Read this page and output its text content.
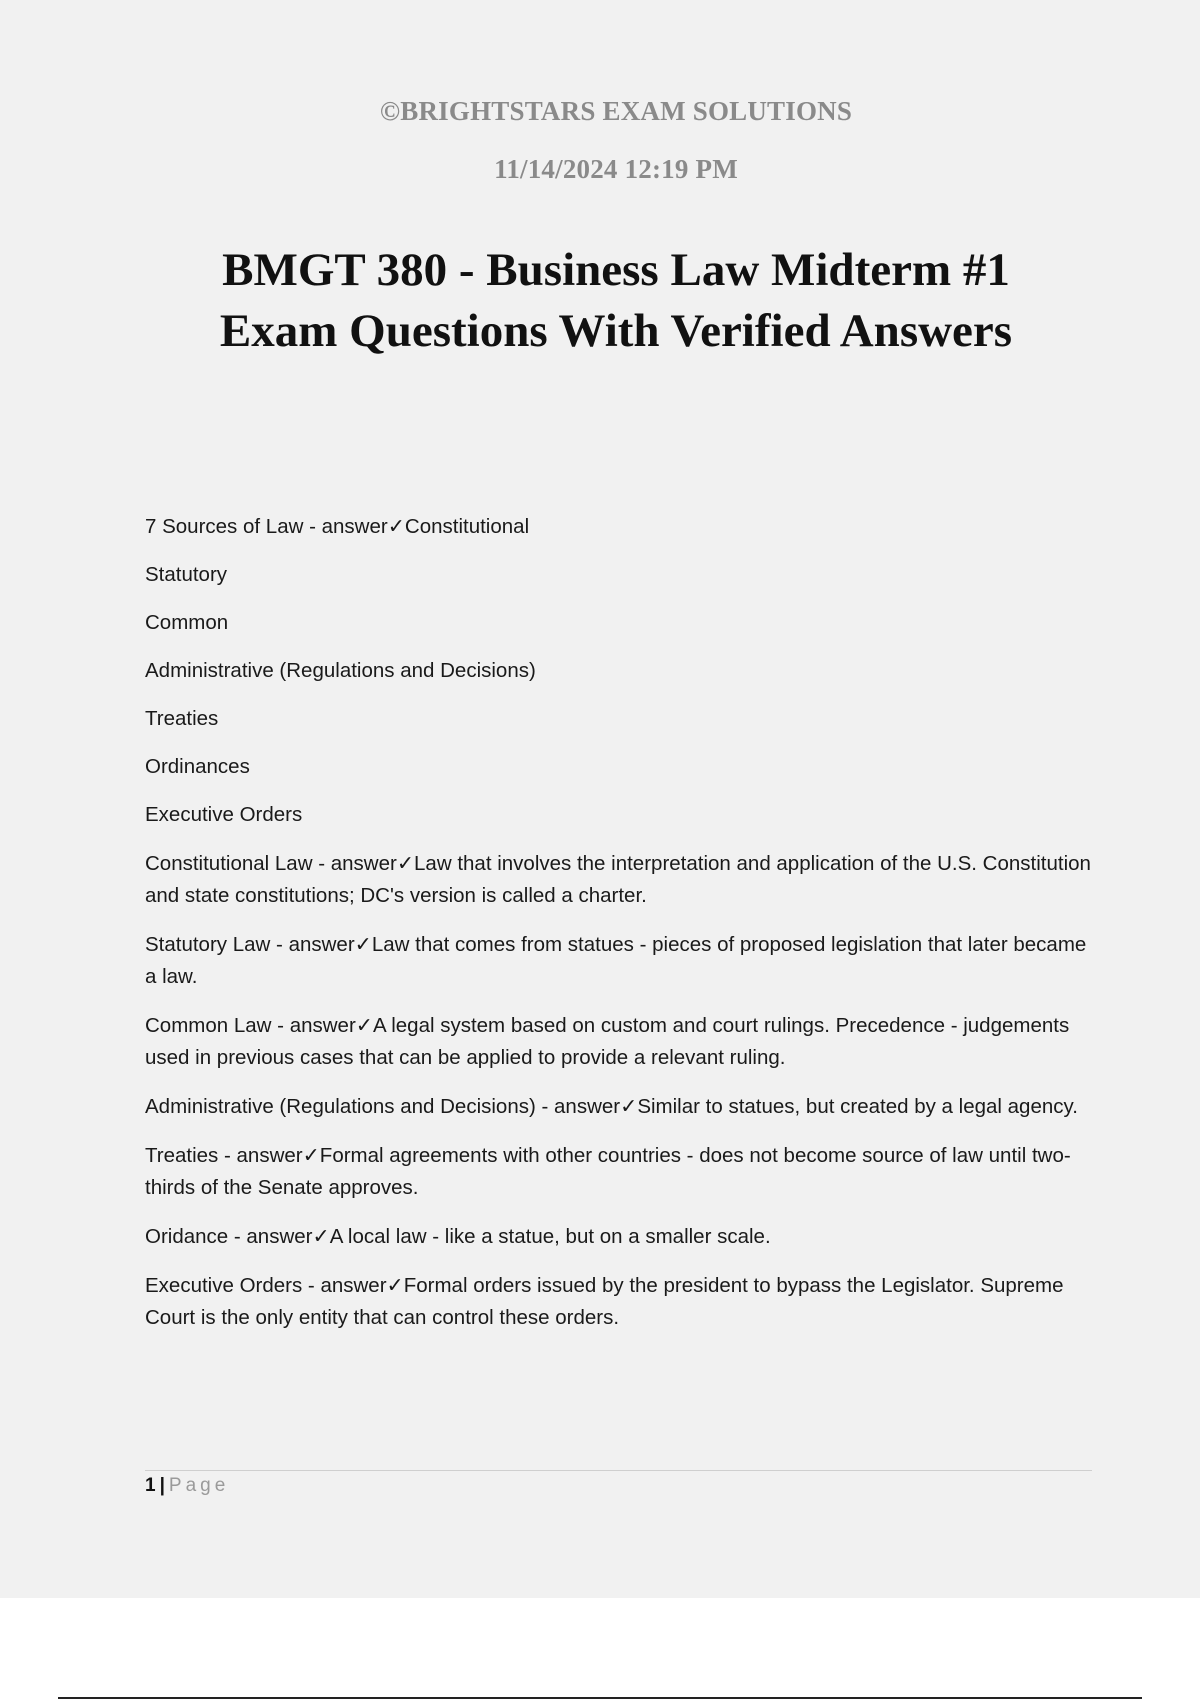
©BRIGHTSTARS EXAM SOLUTIONS
11/14/2024 12:19 PM
BMGT 380 - Business Law Midterm #1
Exam Questions With Verified Answers
7 Sources of Law - answer✓Constitutional
Statutory
Common
Administrative (Regulations and Decisions)
Treaties
Ordinances
Executive Orders
Constitutional Law - answer✓Law that involves the interpretation and application of the U.S. Constitution and state constitutions; DC's version is called a charter.
Statutory Law - answer✓Law that comes from statues - pieces of proposed legislation that later became a law.
Common Law - answer✓A legal system based on custom and court rulings. Precedence - judgements used in previous cases that can be applied to provide a relevant ruling.
Administrative (Regulations and Decisions) - answer✓Similar to statues, but created by a legal agency.
Treaties - answer✓Formal agreements with other countries - does not become source of law until two-thirds of the Senate approves.
Oridance - answer✓A local law - like a statue, but on a smaller scale.
Executive Orders - answer✓Formal orders issued by the president to bypass the Legislator. Supreme Court is the only entity that can control these orders.
1 | Page
